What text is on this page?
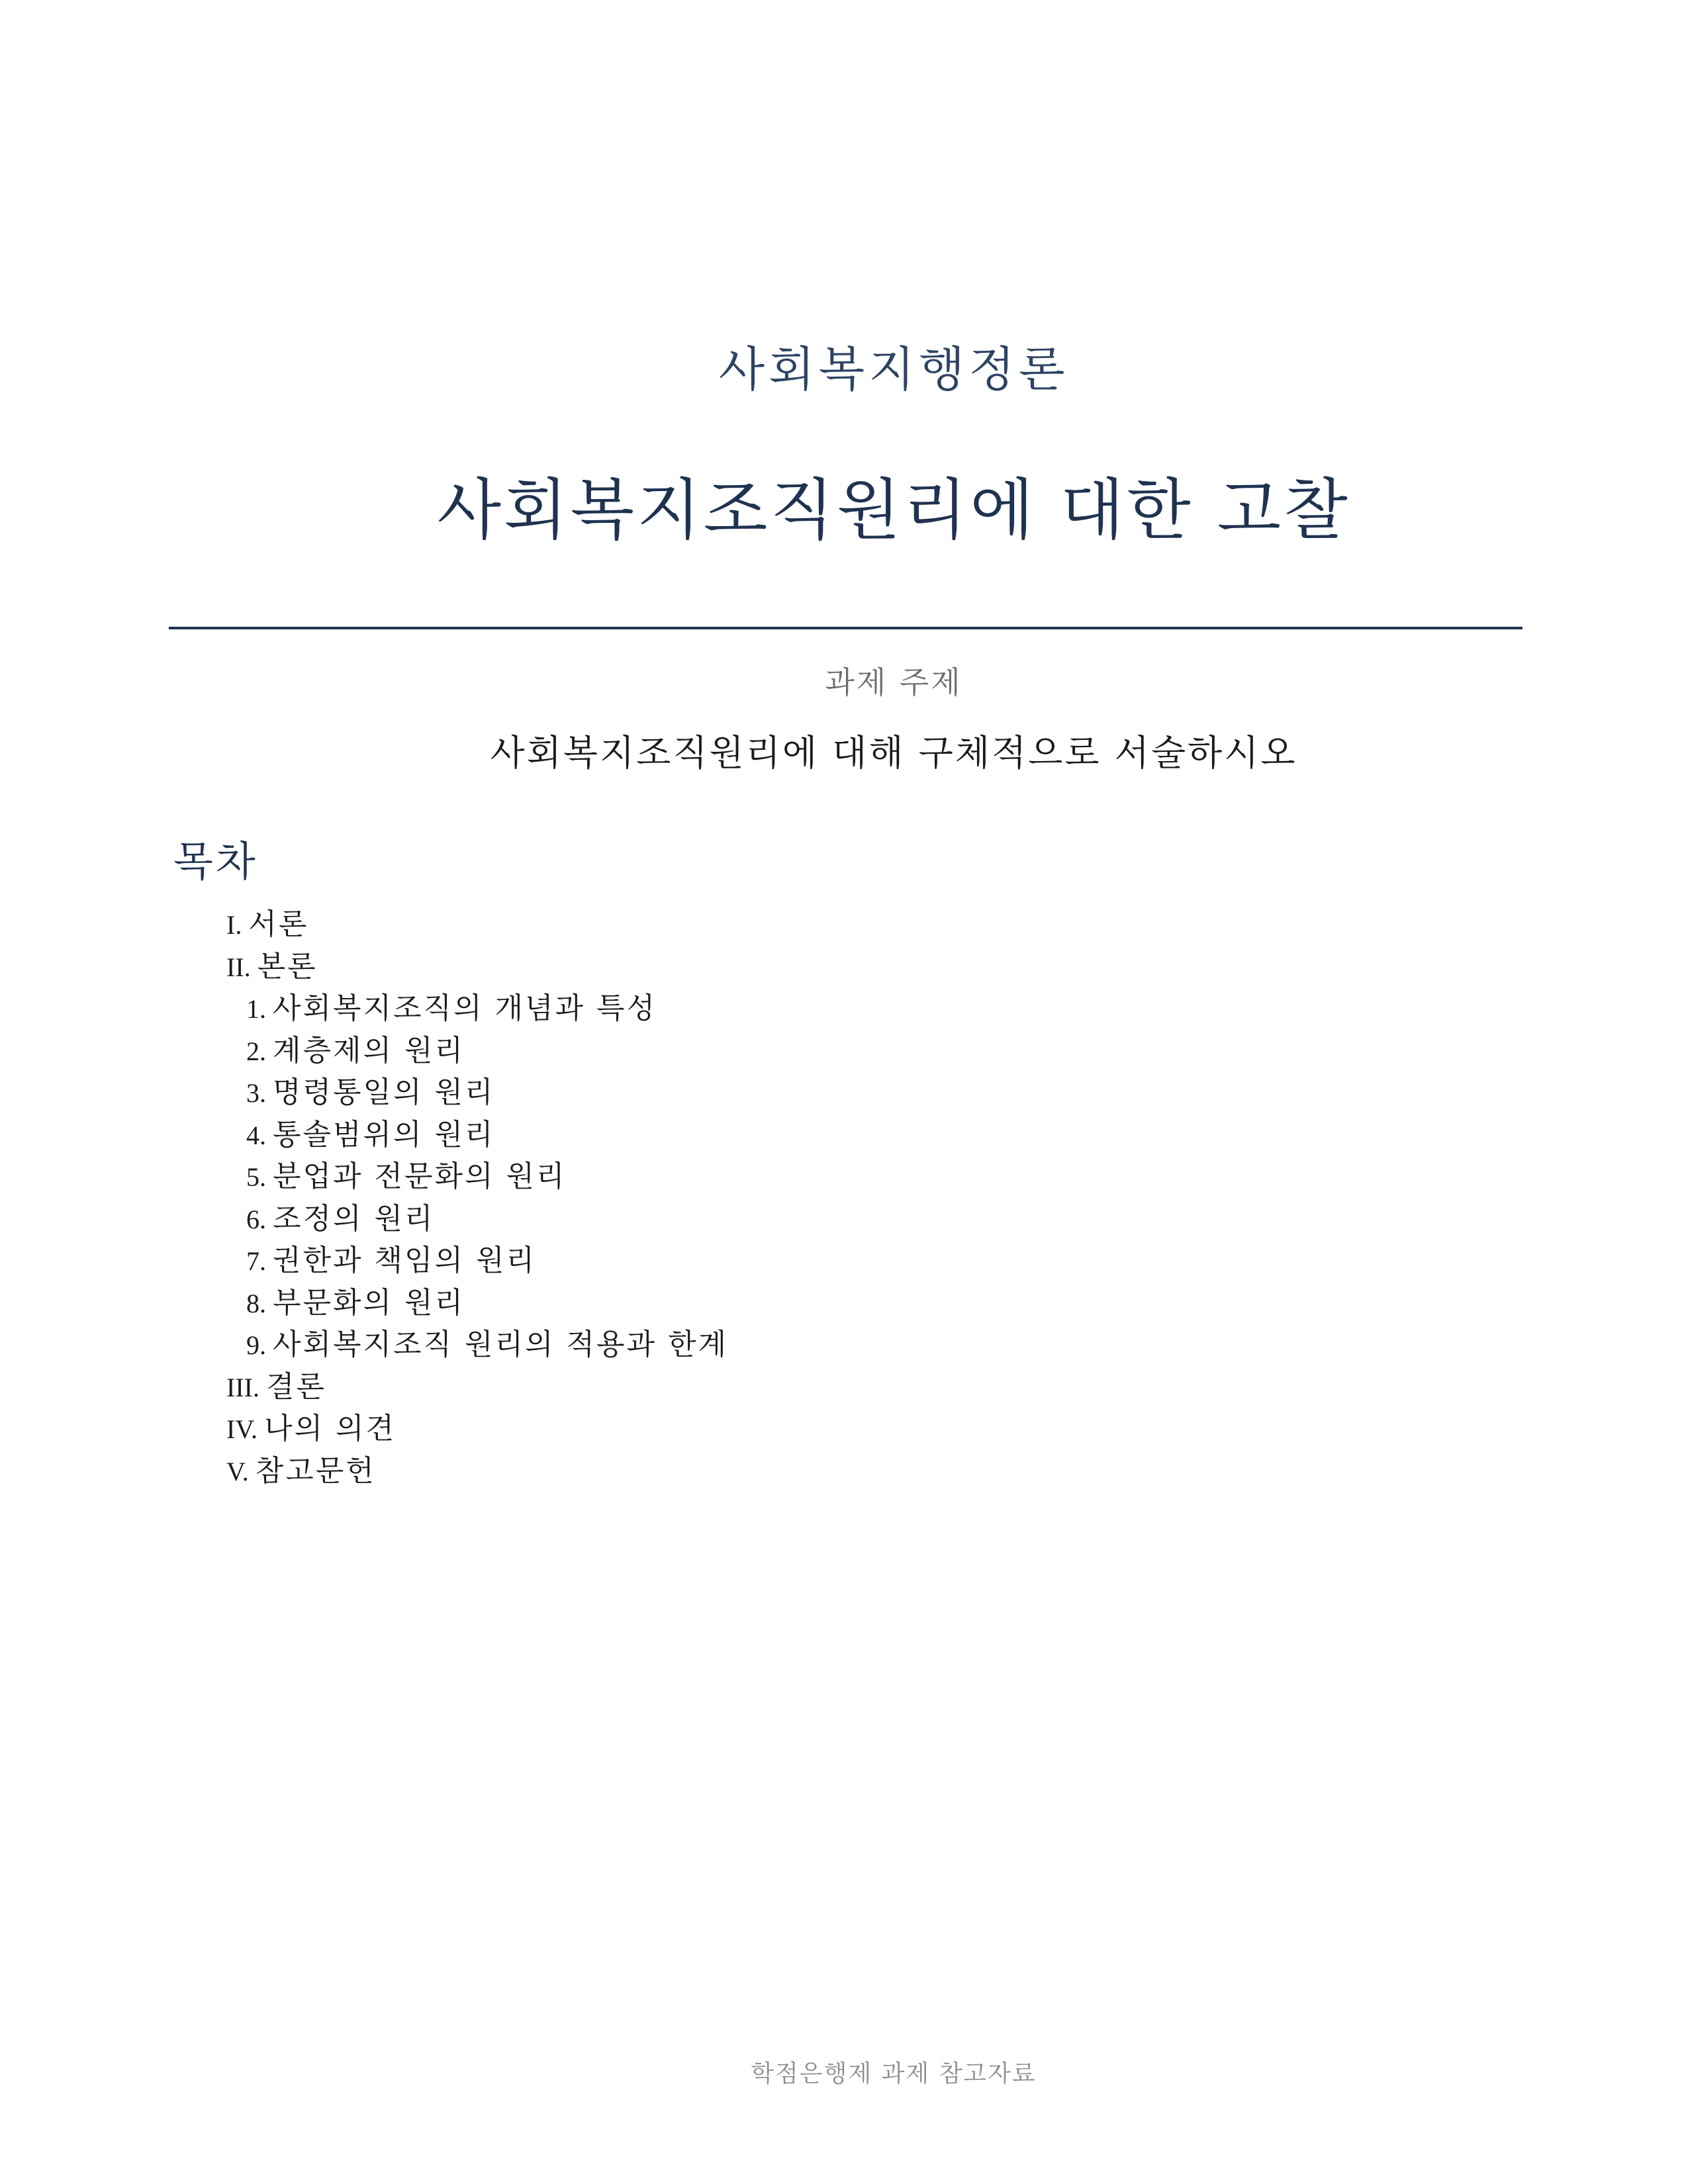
사회복지행정론
사회복지조직원리에 대한 고찰
과제 주제
사회복지조직원리에 대해 구체적으로 서술하시오
목차
I. 서론
II. 본론
1. 사회복지조직의 개념과 특성
2. 계층제의 원리
3. 명령통일의 원리
4. 통솔범위의 원리
5. 분업과 전문화의 원리
6. 조정의 원리
7. 권한과 책임의 원리
8. 부문화의 원리
9. 사회복지조직 원리의 적용과 한계
III. 결론
IV. 나의 의견
V. 참고문헌
학점은행제 과제 참고자료
